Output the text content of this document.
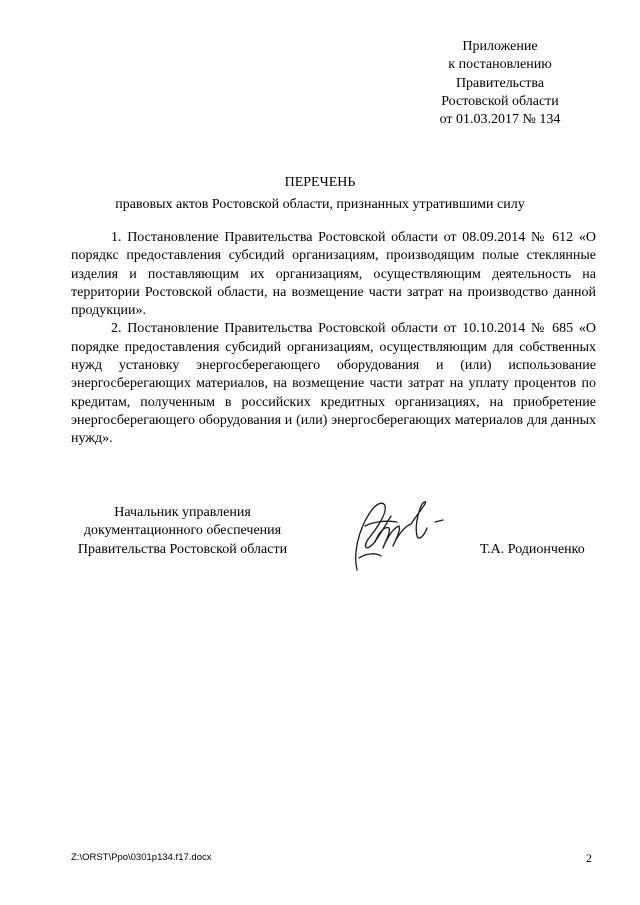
Приложение
к постановлению
Правительства
Ростовской области
от 01.03.2017 № 134
ПЕРЕЧЕНЬ
правовых актов Ростовской области, признанных утратившими силу

1. Постановление Правительства Ростовской области от 08.09.2014 № 612 «О порядкс предоставления субсидий организациям, производящим полые стеклянные изделия и поставляющим их организациям, осуществляющим деятельность на территории Ростовской области, на возмещение части затрат на производство данной продукции».

2. Постановление Правительства Ростовской области от 10.10.2014 № 685 «О порядке предоставления субсидий организациям, осуществляющим для собственных нужд установку энергосберегающего оборудования и (или) использование энергосберегающих материалов, на возмещение части затрат на уплату процентов по кредитам, полученным в российских кредитных организациях, на приобретение энергосберегающего оборудования и (или) энергосберегающих материалов для данных нужд».

Начальник управления
документационного обеспечения
Правительства Ростовской области	Т.А. Родионченко
Z:\ORST\Ppo\0301p134.f17.docx	2
